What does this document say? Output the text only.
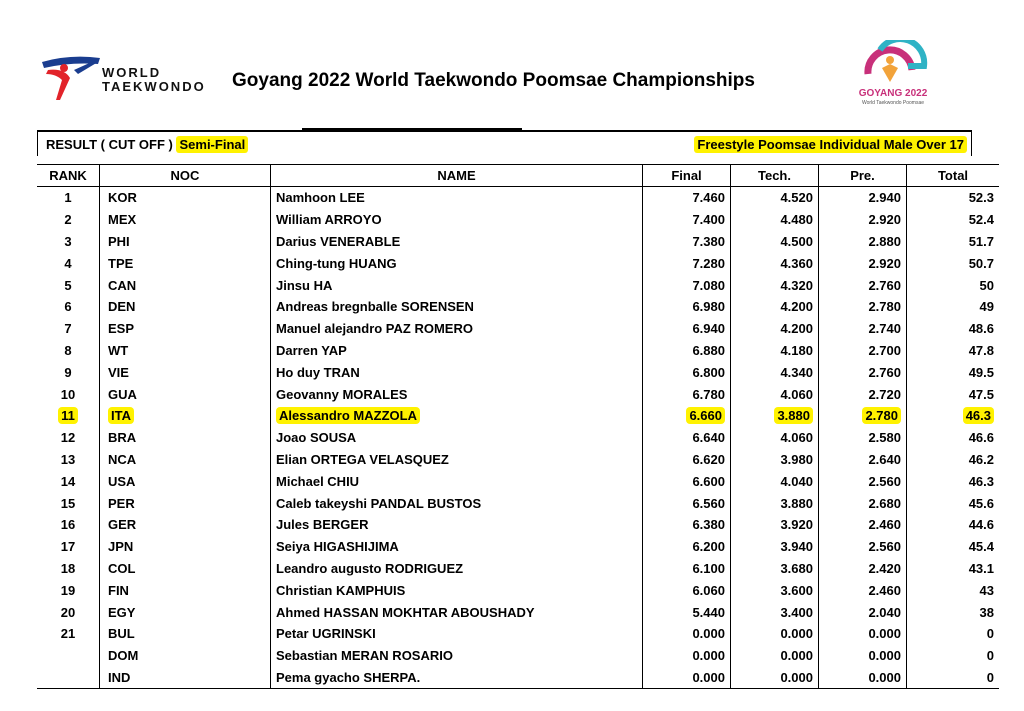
WORLD
TAEKWONDO Goyang 2022 World Taekwondo Poomsae Championships
GOYANG 2022
World Taekwondo Poomsae
RESULT ( CUT OFF ) Semi-Final	Freestyle Poomsae Individual Male Over 17
RANK	NOC	NAME	Final	Tech.	Pre.	Total
1	KOR	Namhoon LEE	7.460	4.520	2.940	52.3
2	MEX	William ARROYO	7.400	4.480	2.920	52.4
3	PHI	Darius VENERABLE	7.380	4.500	2.880	51.7
4	TPE	Ching-tung HUANG	7.280	4.360	2.920	50.7
5	CAN	Jinsu HA	7.080	4.320	2.760	50
6	DEN	Andreas bregnballe SORENSEN	6.980	4.200	2.780	49
7	ESP	Manuel alejandro PAZ ROMERO	6.940	4.200	2.740	48.6
8	WT	Darren YAP	6.880	4.180	2.700	47.8
9	VIE	Ho duy TRAN	6.800	4.340	2.760	49.5
10	GUA	Geovanny MORALES	6.780	4.060	2.720	47.5
11	ITA	Alessandro MAZZOLA	6.660	3.880	2.780	46.3
12	BRA	Joao SOUSA	6.640	4.060	2.580	46.6
13	NCA	Elian ORTEGA VELASQUEZ	6.620	3.980	2.640	46.2
14	USA	Michael CHIU	6.600	4.040	2.560	46.3
15	PER	Caleb takeyshi PANDAL BUSTOS	6.560	3.880	2.680	45.6
16	GER	Jules BERGER	6.380	3.920	2.460	44.6
17	JPN	Seiya HIGASHIJIMA	6.200	3.940	2.560	45.4
18	COL	Leandro augusto RODRIGUEZ	6.100	3.680	2.420	43.1
19	FIN	Christian KAMPHUIS	6.060	3.600	2.460	43
20	EGY	Ahmed HASSAN MOKHTAR ABOUSHADY	5.440	3.400	2.040	38
21	BUL	Petar UGRINSKI	0.000	0.000	0.000	0
	DOM	Sebastian MERAN ROSARIO	0.000	0.000	0.000	0
	IND	Pema gyacho SHERPA.	0.000	0.000	0.000	0
